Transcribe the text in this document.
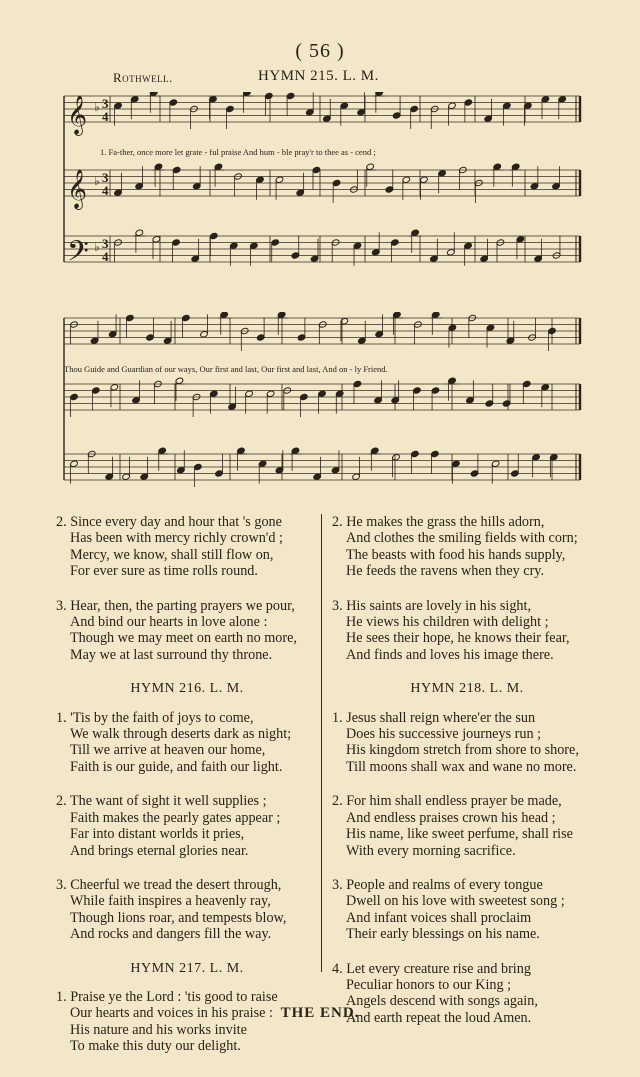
( 56 )
Rothwell.	HYMN 215. L. M.
𝄞 ♭ 3
4
𝄞 ♭ 3
4
𝄢 ♭ 3
4
1. Fa-ther, once more let grate - ful praise And hum - ble pray'r to thee as - cend ;
Thou Guide and Guardian of our ways, Our first and last, Our first and last, And on - ly Friend.
2. Since every day and hour that 's gone
Has been with mercy richly crown'd ;
Mercy, we know, shall still flow on,
For ever sure as time rolls round.
3. Hear, then, the parting prayers we pour,
And bind our hearts in love alone :
Though we may meet on earth no more,
May we at last surround thy throne.
HYMN 216. L. M.
1. 'Tis by the faith of joys to come,
We walk through deserts dark as night;
Till we arrive at heaven our home,
Faith is our guide, and faith our light.
2. The want of sight it well supplies ;
Faith makes the pearly gates appear ;
Far into distant worlds it pries,
And brings eternal glories near.
3. Cheerful we tread the desert through,
While faith inspires a heavenly ray,
Though lions roar, and tempests blow,
And rocks and dangers fill the way.
HYMN 217. L. M.
1. Praise ye the Lord : 'tis good to raise
Our hearts and voices in his praise :
His nature and his works invite
To make this duty our delight.
2. He makes the grass the hills adorn,
And clothes the smiling fields with corn;
The beasts with food his hands supply,
He feeds the ravens when they cry.
3. His saints are lovely in his sight,
He views his children with delight ;
He sees their hope, he knows their fear,
And finds and loves his image there.
HYMN 218. L. M.
1. Jesus shall reign where'er the sun
Does his successive journeys run ;
His kingdom stretch from shore to shore,
Till moons shall wax and wane no more.
2. For him shall endless prayer be made,
And endless praises crown his head ;
His name, like sweet perfume, shall rise
With every morning sacrifice.
3. People and realms of every tongue
Dwell on his love with sweetest song ;
And infant voices shall proclaim
Their early blessings on his name.
4. Let every creature rise and bring
Peculiar honors to our King ;
Angels descend with songs again,
And earth repeat the loud Amen.
THE END.
